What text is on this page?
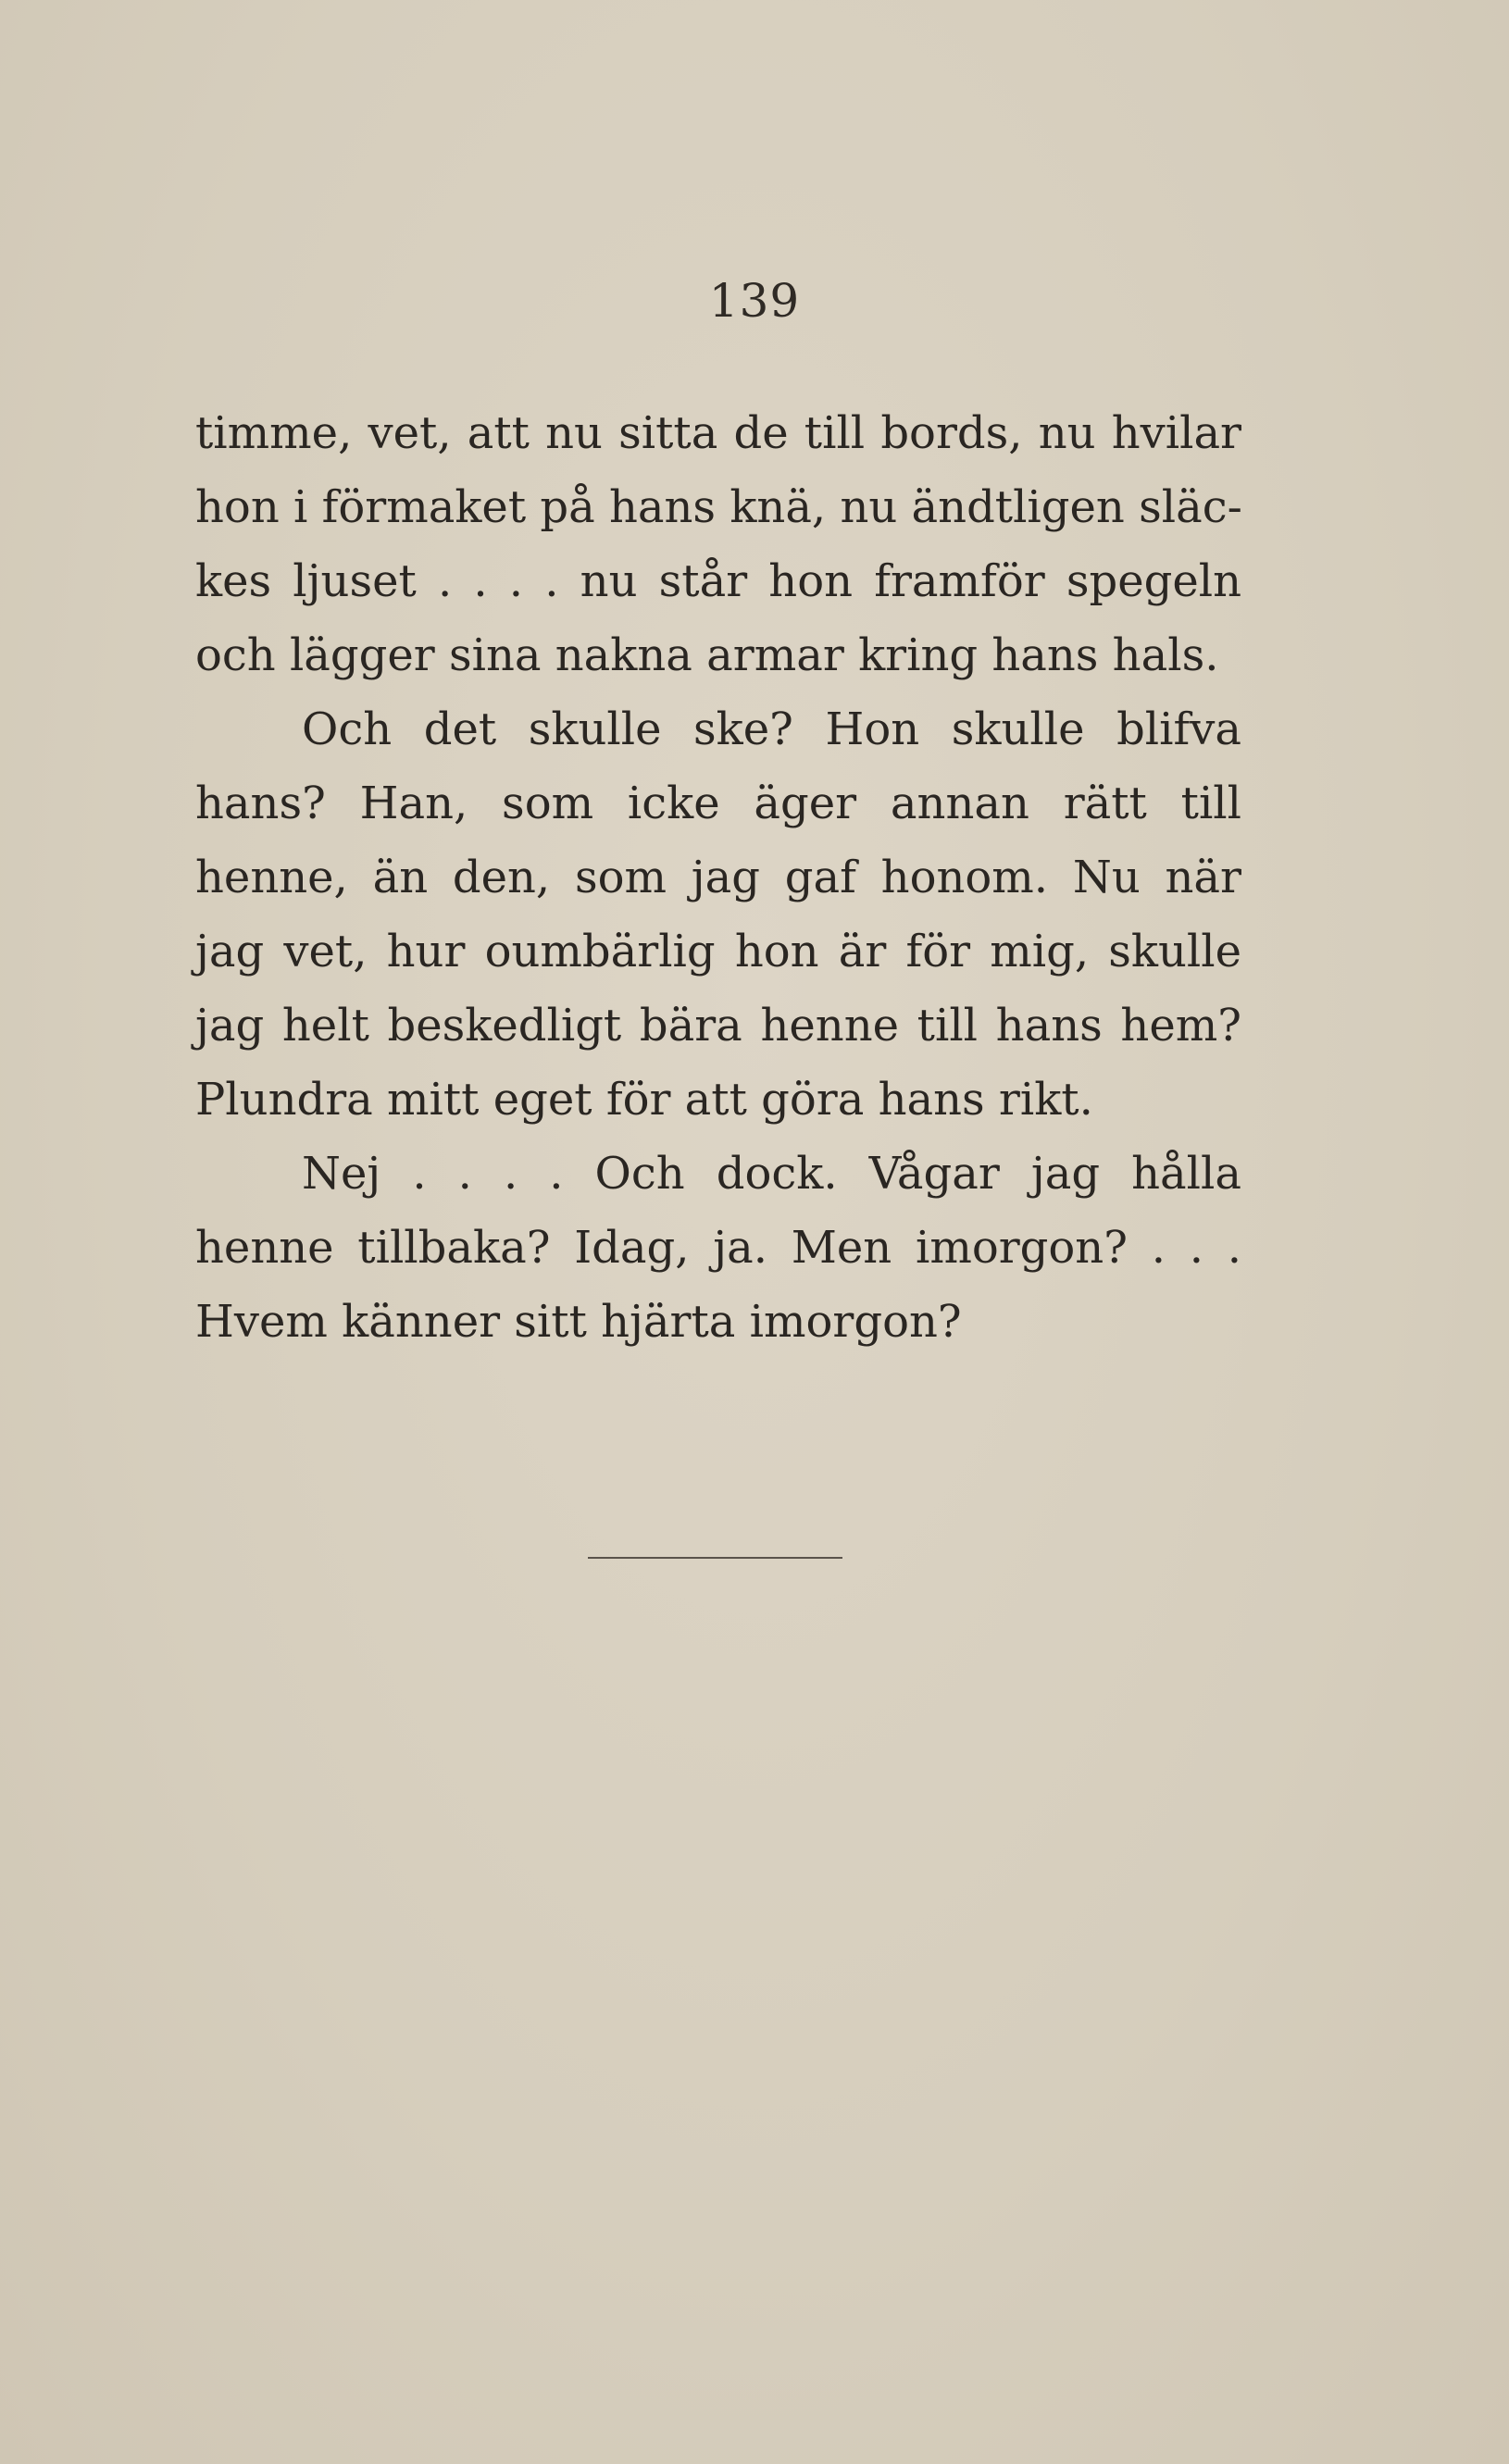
139
timme, vet, att nu sitta de till bords, nu hvilar
hon i förmaket på hans knä, nu ändtligen släc-
kes ljuset . . . . nu står hon framför spegeln
och lägger sina nakna armar kring hans hals.
Och det skulle ske? Hon skulle blifva
hans? Han, som icke äger annan rätt till
henne, än den, som jag gaf honom. Nu när
jag vet, hur oumbärlig hon är för mig, skulle
jag helt beskedligt bära henne till hans hem?
Plundra mitt eget för att göra hans rikt.
Nej . . . . Och dock. Vågar jag hålla
henne tillbaka? Idag, ja. Men imorgon? . . .
Hvem känner sitt hjärta imorgon?
